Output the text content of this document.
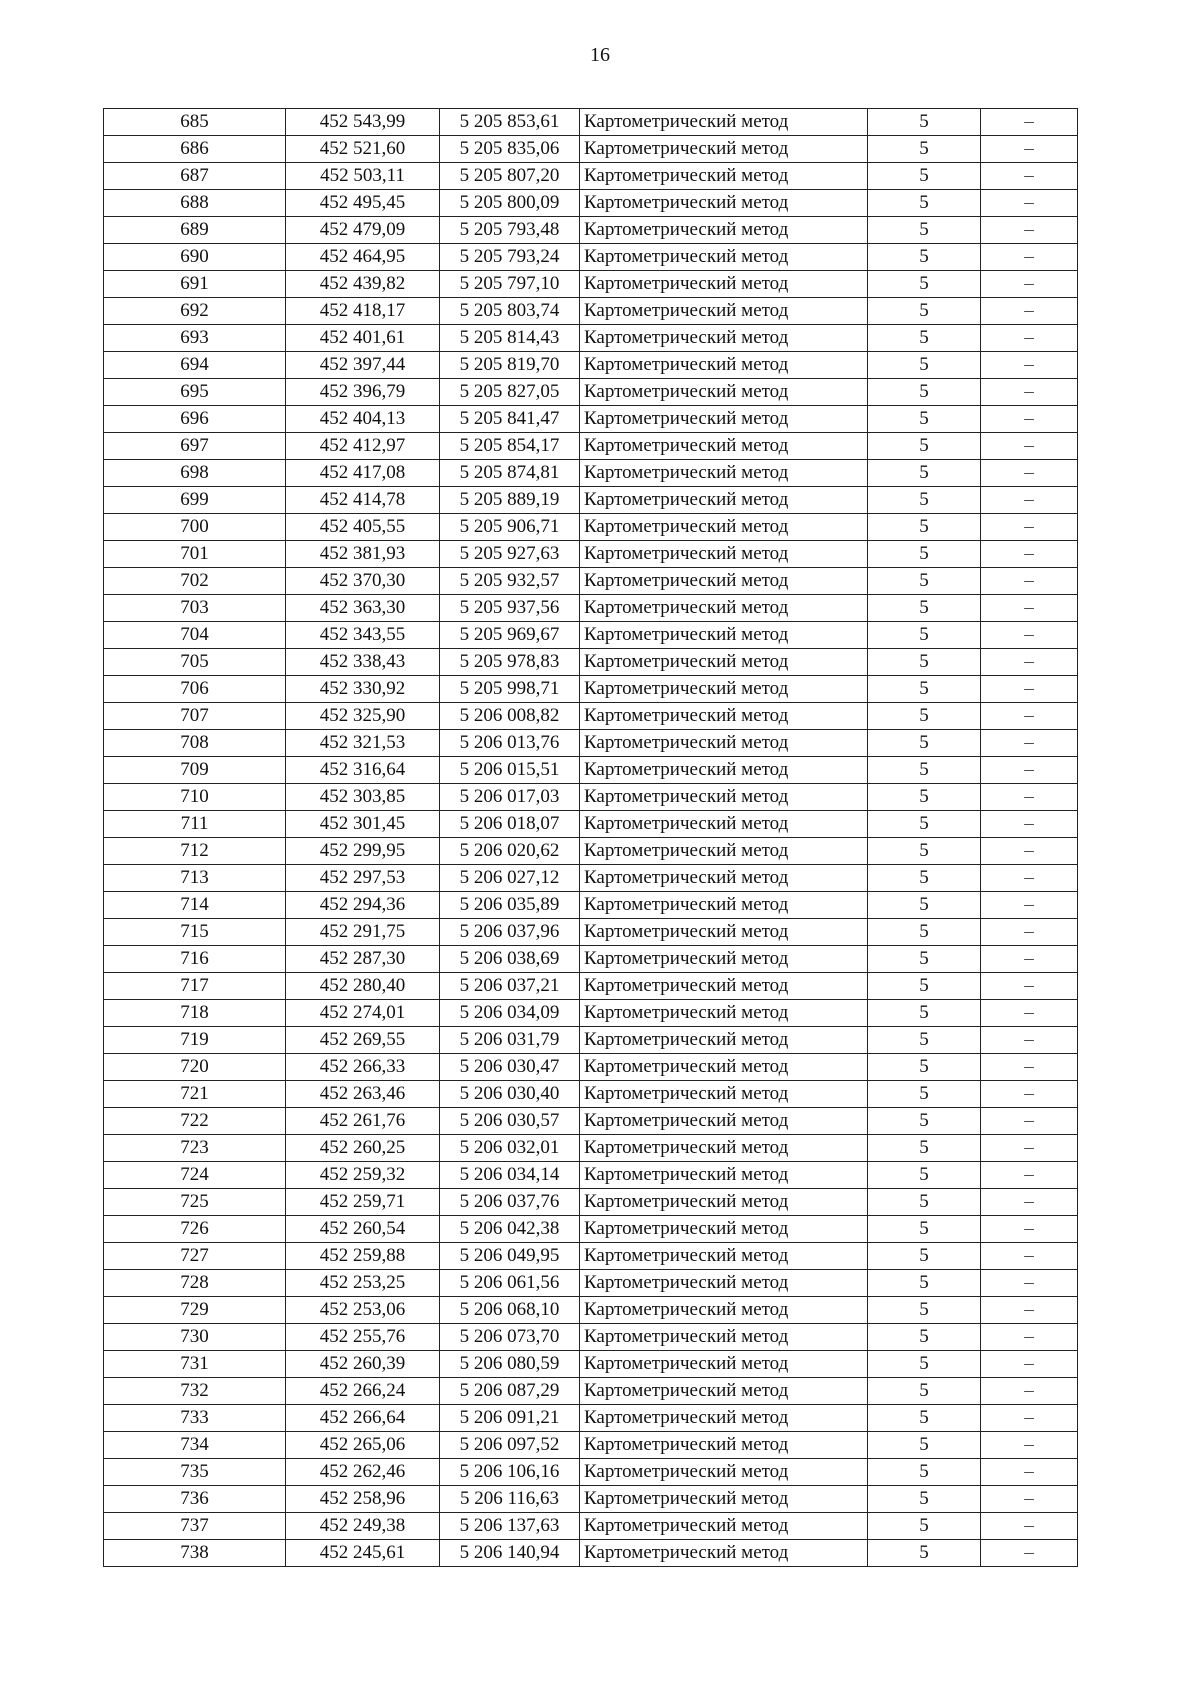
16
685	452 543,99	5 205 853,61	Картометрический метод	5	–
686	452 521,60	5 205 835,06	Картометрический метод	5	–
687	452 503,11	5 205 807,20	Картометрический метод	5	–
688	452 495,45	5 205 800,09	Картометрический метод	5	–
689	452 479,09	5 205 793,48	Картометрический метод	5	–
690	452 464,95	5 205 793,24	Картометрический метод	5	–
691	452 439,82	5 205 797,10	Картометрический метод	5	–
692	452 418,17	5 205 803,74	Картометрический метод	5	–
693	452 401,61	5 205 814,43	Картометрический метод	5	–
694	452 397,44	5 205 819,70	Картометрический метод	5	–
695	452 396,79	5 205 827,05	Картометрический метод	5	–
696	452 404,13	5 205 841,47	Картометрический метод	5	–
697	452 412,97	5 205 854,17	Картометрический метод	5	–
698	452 417,08	5 205 874,81	Картометрический метод	5	–
699	452 414,78	5 205 889,19	Картометрический метод	5	–
700	452 405,55	5 205 906,71	Картометрический метод	5	–
701	452 381,93	5 205 927,63	Картометрический метод	5	–
702	452 370,30	5 205 932,57	Картометрический метод	5	–
703	452 363,30	5 205 937,56	Картометрический метод	5	–
704	452 343,55	5 205 969,67	Картометрический метод	5	–
705	452 338,43	5 205 978,83	Картометрический метод	5	–
706	452 330,92	5 205 998,71	Картометрический метод	5	–
707	452 325,90	5 206 008,82	Картометрический метод	5	–
708	452 321,53	5 206 013,76	Картометрический метод	5	–
709	452 316,64	5 206 015,51	Картометрический метод	5	–
710	452 303,85	5 206 017,03	Картометрический метод	5	–
711	452 301,45	5 206 018,07	Картометрический метод	5	–
712	452 299,95	5 206 020,62	Картометрический метод	5	–
713	452 297,53	5 206 027,12	Картометрический метод	5	–
714	452 294,36	5 206 035,89	Картометрический метод	5	–
715	452 291,75	5 206 037,96	Картометрический метод	5	–
716	452 287,30	5 206 038,69	Картометрический метод	5	–
717	452 280,40	5 206 037,21	Картометрический метод	5	–
718	452 274,01	5 206 034,09	Картометрический метод	5	–
719	452 269,55	5 206 031,79	Картометрический метод	5	–
720	452 266,33	5 206 030,47	Картометрический метод	5	–
721	452 263,46	5 206 030,40	Картометрический метод	5	–
722	452 261,76	5 206 030,57	Картометрический метод	5	–
723	452 260,25	5 206 032,01	Картометрический метод	5	–
724	452 259,32	5 206 034,14	Картометрический метод	5	–
725	452 259,71	5 206 037,76	Картометрический метод	5	–
726	452 260,54	5 206 042,38	Картометрический метод	5	–
727	452 259,88	5 206 049,95	Картометрический метод	5	–
728	452 253,25	5 206 061,56	Картометрический метод	5	–
729	452 253,06	5 206 068,10	Картометрический метод	5	–
730	452 255,76	5 206 073,70	Картометрический метод	5	–
731	452 260,39	5 206 080,59	Картометрический метод	5	–
732	452 266,24	5 206 087,29	Картометрический метод	5	–
733	452 266,64	5 206 091,21	Картометрический метод	5	–
734	452 265,06	5 206 097,52	Картометрический метод	5	–
735	452 262,46	5 206 106,16	Картометрический метод	5	–
736	452 258,96	5 206 116,63	Картометрический метод	5	–
737	452 249,38	5 206 137,63	Картометрический метод	5	–
738	452 245,61	5 206 140,94	Картометрический метод	5	–
